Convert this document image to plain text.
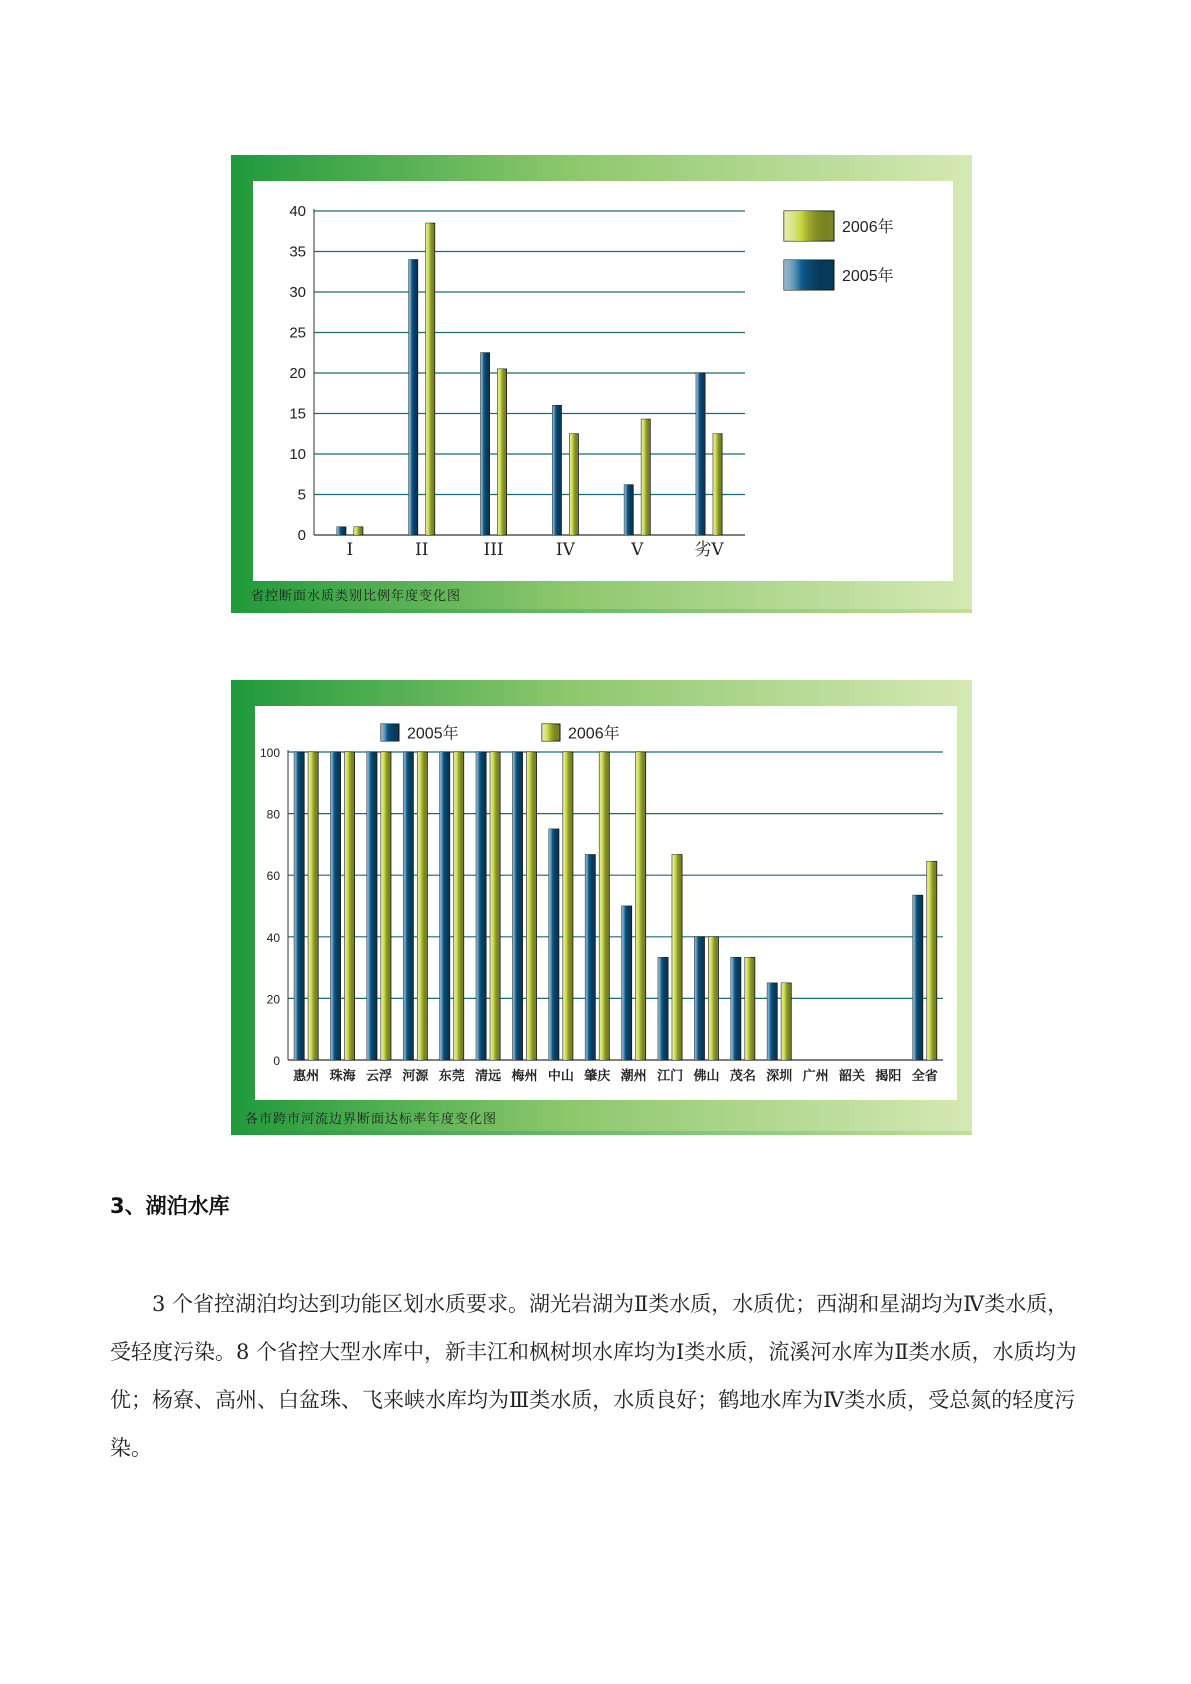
0
5
10
15
20
25
30
35
40
I	II	III	IV	V	劣V
2006年
2005年
省控断面水质类别比例年度变化图
0
20
40
60
80
100
惠州 珠海 云浮 河源 东莞 清远 梅州 中山 肇庆 潮州 江门 佛山 茂名 深圳 广州 韶关 揭阳 全省
2005年	2006年
各市跨市河流边界断面达标率年度变化图
3、湖泊水库
3 个省控湖泊均达到功能区划水质要求。湖光岩湖为Ⅱ类水质，水质优；西湖和星湖均为Ⅳ类水质，受轻度污染。8 个省控大型水库中，新丰江和枫树坝水库均为Ⅰ类水质，流溪河水库为Ⅱ类水质，水质均为优；杨寮、高州、白盆珠、飞来峡水库均为Ⅲ类水质，水质良好；鹤地水库为Ⅳ类水质，受总氮的轻度污染。
